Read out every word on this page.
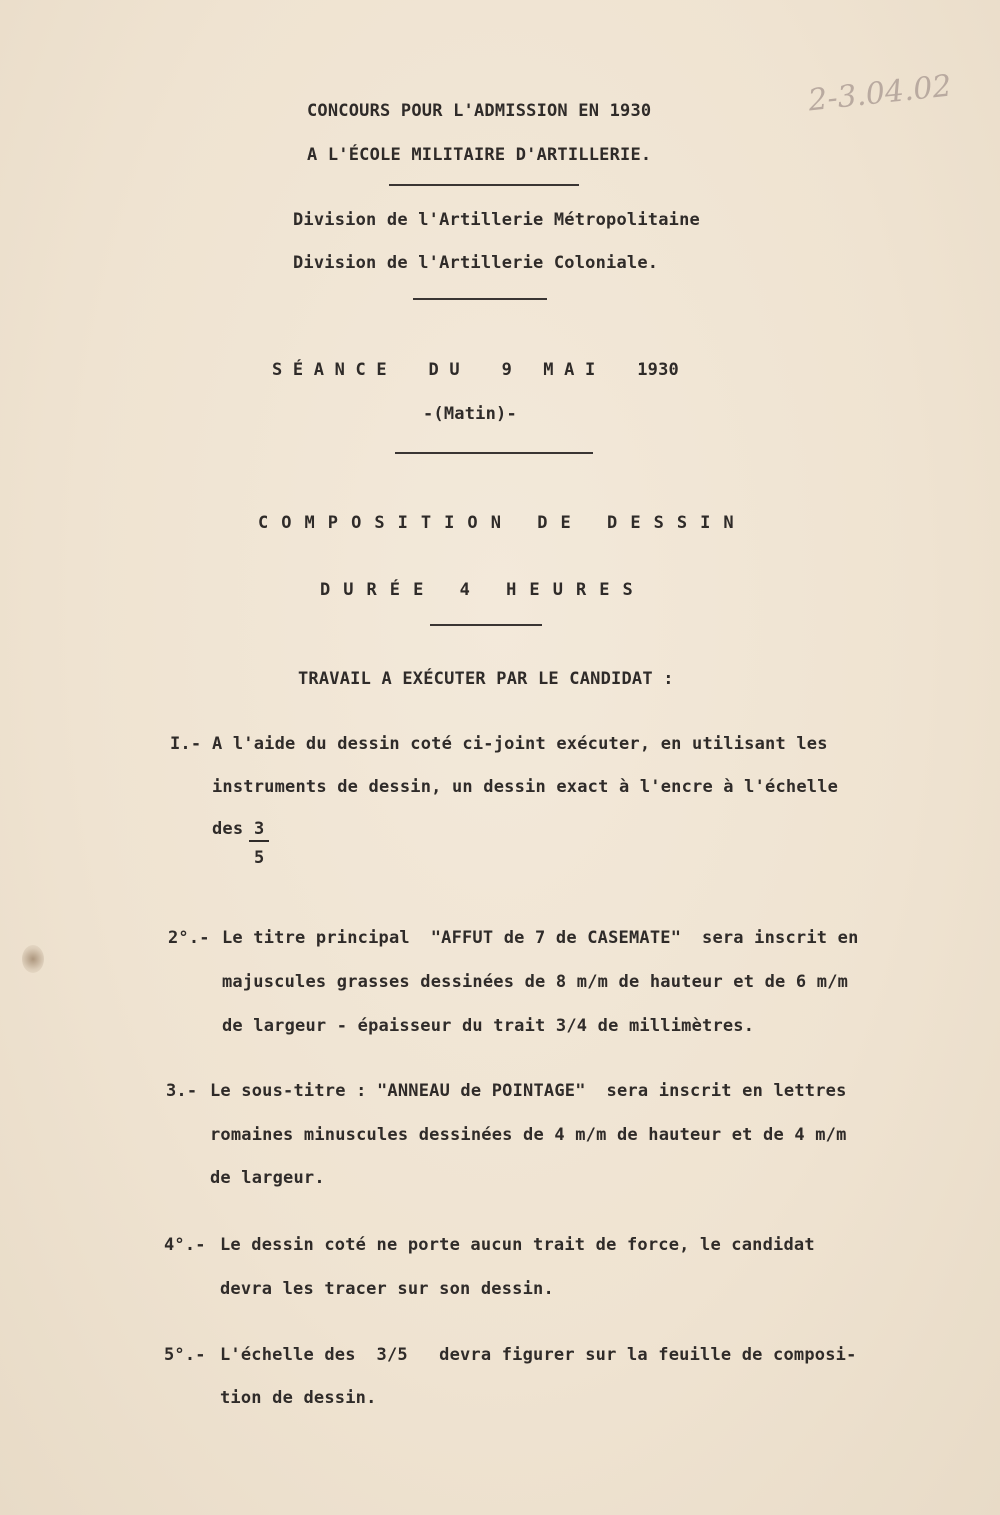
2-3.04.02
CONCOURS POUR L'ADMISSION EN 1930
A L'ÉCOLE MILITAIRE D'ARTILLERIE.
Division de l'Artillerie Métropolitaine
Division de l'Artillerie Coloniale.
S É A N C E    D U    9   M A I    1930
-(Matin)-
C O M P O S I T I O N   D E   D E S S I N
D U R É E   4   H E U R E S
TRAVAIL A EXÉCUTER PAR LE CANDIDAT :
I.- A l'aide du dessin coté ci-joint exécuter, en utilisant les
instruments de dessin, un dessin exact à l'encre à l'échelle
des 3
5
2°.- Le titre principal  "AFFUT de 7 de CASEMATE"  sera inscrit en
majuscules grasses dessinées de 8 m/m de hauteur et de 6 m/m
de largeur - épaisseur du trait 3/4 de millimètres.
3.- Le sous-titre : "ANNEAU de POINTAGE"  sera inscrit en lettres
romaines minuscules dessinées de 4 m/m de hauteur et de 4 m/m
de largeur.
4°.- Le dessin coté ne porte aucun trait de force, le candidat
devra les tracer sur son dessin.
5°.- L'échelle des  3/5   devra figurer sur la feuille de composi-
tion de dessin.
